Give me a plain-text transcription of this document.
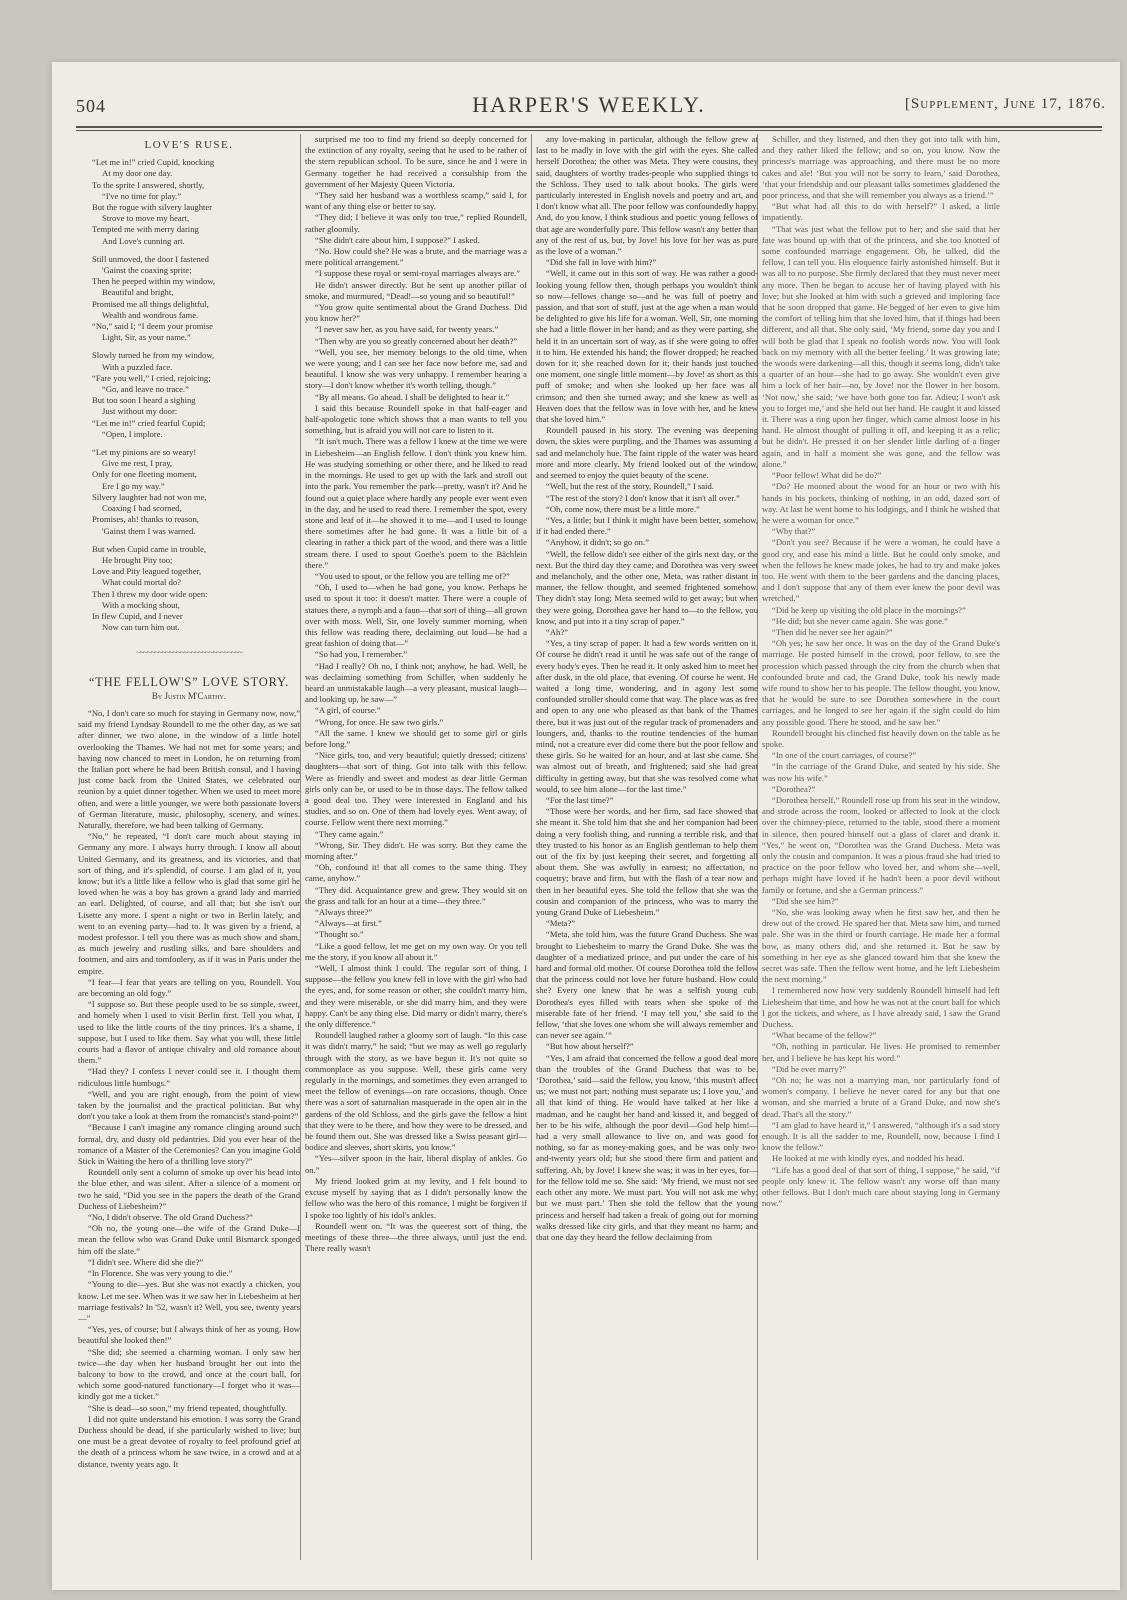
504	HARPER'S WEEKLY.	[Supplement, June 17, 1876.
LOVE'S RUSE.
“Let me in!” cried Cupid, knocking
At my door one day.
To the sprite I answered, shortly,
“I've no time for play.”
But the rogue with silvery laughter
Strove to move my heart,
Tempted me with merry daring
And Love's cunning art.
Still unmoved, the door I fastened
'Gainst the coaxing sprite;
Then he peeped within my window,
Beautiful and bright,
Promised me all things delightful,
Wealth and wondrous fame.
“No,” said I; “I deem your promise
Light, Sir, as your name.”
Slowly turned he from my window,
With a puzzled face.
“Fare you well,” I cried, rejoicing;
“Go, and leave no trace.”
But too soon I heard a sighing
Just without my door:
“Let me in!” cried fearful Cupid;
“Open, I implore.
“Let my pinions are so weary!
Give me rest, I pray,
Only for one fleeting moment,
Ere I go my way.”
Silvery laughter had not won me,
Coaxing I had scorned,
Promises, ah! thanks to reason,
'Gainst them I was warned.
But when Cupid came in trouble,
He brought Pity too;
Love and Pity leagued together,
What could mortal do?
Then I threw my door wide open:
With a mocking shout,
In flew Cupid, and I never
Now can turn him out.
~~~~~~~~~~~~~~~~~~~~~~~~~~~~~
“THE FELLOW'S” LOVE STORY.
By Justin M'Carthy.

“No, I don't care so much for staying in Germany now, now,” said my friend Lyndsay Roundell to me the other day, as we sat after dinner, we two alone, in the window of a little hotel overlooking the Thames. We had not met for some years; and having now chanced to meet in London, he on returning from the Italian port where he had been British consul, and I having just come back from the United States, we celebrated our reunion by a quiet dinner together. When we used to meet more often, and were a little younger, we were both passionate lovers of German literature, music, philosophy, scenery, and wines. Naturally, therefore, we had been talking of Germany.

“No,” he repeated, “I don't care much about staying in Germany any more. I always hurry through. I know all about United Germany, and its greatness, and its victories, and that sort of thing, and it's splendid, of course. I am glad of it, you know; but it's a little like a fellow who is glad that some girl he loved when he was a boy has grown a grand lady and married an earl. Delighted, of course, and all that; but she isn't our Lisette any more. I spent a night or two in Berlin lately, and went to an evening party—had to. It was given by a friend, a modest professor. I tell you there was as much show and sham, as much jewelry and rustling silks, and bare shoulders and footmen, and airs and tomfoolery, as if it was in Paris under the empire.

“I fear—I fear that years are telling on you, Roundell. You are becoming an old fogy.”

“I suppose so. But these people used to be so simple, sweet, and homely when I used to visit Berlin first. Tell you what, I used to like the little courts of the tiny princes. It's a shame, I suppose, but I used to like them. Say what you will, these little courts had a flavor of antique chivalry and old romance about them.”

“Had they? I confess I never could see it. I thought them ridiculous little humbugs.”

“Well, and you are right enough, from the point of view taken by the journalist and the practical politician. But why don't you take a look at them from the romancist's stand-point?”

“Because I can't imagine any romance clinging around such formal, dry, and dusty old pedantries. Did you ever hear of the romance of a Master of the Ceremonies? Can you imagine Gold Stick in Waiting the hero of a thrilling love story?”

Roundell only sent a column of smoke up over his head into the blue ether, and was silent. After a silence of a moment or two he said, “Did you see in the papers the death of the Grand Duchess of Liebesheim?”

“No, I didn't observe. The old Grand Duchess?”

“Oh no, the young one—the wife of the Grand Duke—I mean the fellow who was Grand Duke until Bismarck sponged him off the slate.”

“I didn't see. Where did she die?”

“In Florence. She was very young to die.”

“Young to die—yes. But she was not exactly a chicken, you know. Let me see. When was it we saw her in Liebesheim at her marriage festivals? In '52, wasn't it? Well, you see, twenty years—”

“Yes, yes, of course; but I always think of her as young. How beautiful she looked then!”

“She did; she seemed a charming woman. I only saw her twice—the day when her husband brought her out into the balcony to bow to the crowd, and once at the court ball, for which some good-natured functionary—I forget who it was—kindly got me a ticket.”

“She is dead—so soon,” my friend repeated, thoughtfully.

I did not quite understand his emotion. I was sorry the Grand Duchess should be dead, if she particularly wished to live; but one must be a great devotee of royalty to feel profound grief at the death of a princess whom he saw twice, in a crowd and at a distance, twenty years ago. It

surprised me too to find my friend so deeply concerned for the extinction of any royalty, seeing that he used to be rather of the stern republican school. To be sure, since he and I were in Germany together he had received a consulship from the government of her Majesty Queen Victoria.

“They said her husband was a worthless scamp,” said I, for want of any thing else or better to say.

“They did; I believe it was only too true,” replied Roundell, rather gloomily.

“She didn't care about him, I suppose?” I asked.

“No. How could she? He was a brute, and the marriage was a mere political arrangement.”

“I suppose these royal or semi-royal marriages always are.”

He didn't answer directly. But he sent up another pillar of smoke, and murmured, “Dead!—so young and so beautiful!”

“You grow quite sentimental about the Grand Duchess. Did you know her?”

“I never saw her, as you have said, for twenty years.”

“Then why are you so greatly concerned about her death?”

“Well, you see, her memory belongs to the old time, when we were young; and I can see her face now before me, sad and beautiful. I know she was very unhappy. I remember hearing a story—I don't know whether it's worth telling, though.”

“By all means. Go ahead. I shall be delighted to hear it.”

I said this because Roundell spoke in that half-eager and half-apologetic tone which shows that a man wants to tell you something, but is afraid you will not care to listen to it.

“It isn't much. There was a fellow I knew at the time we were in Liebesheim—an English fellow. I don't think you knew him. He was studying something or other there, and he liked to read in the mornings. He used to get up with the lark and stroll out into the park. You remember the park—pretty, wasn't it? And he found out a quiet place where hardly any people ever went even in the day, and he used to read there. I remember the spot, every stone and leaf of it—he showed it to me—and I used to lounge there sometimes after he had gone. It was a little bit of a clearing in rather a thick part of the wood, and there was a little stream there. I used to spout Goethe's poem to the Bächlein there.”

“You used to spout, or the fellow you are telling me of?”

“Oh, I used to—when he had gone, you know. Perhaps he used to spout it too: it doesn't matter. There were a couple of statues there, a nymph and a faun—that sort of thing—all grown over with moss. Well, Sir, one lovely summer morning, when this fellow was reading there, declaiming out loud—he had a great fashion of doing that—”

“So had you, I remember.”

“Had I really? Oh no, I think not; anyhow, he had. Well, he was declaiming something from Schiller, when suddenly he heard an unmistakable laugh—a very pleasant, musical laugh—and looking up, he saw—”

“A girl, of course.”

“Wrong, for once. He saw two girls.”

“All the same. I knew we should get to some girl or girls before long.”

“Nice girls, too, and very beautiful; quietly dressed; citizens' daughters—that sort of thing. Got into talk with this fellow. Were as friendly and sweet and modest as dear little German girls only can be, or used to be in those days. The fellow talked a good deal too. They were interested in England and his studies, and so on. One of them had lovely eyes. Went away, of course. Fellow went there next morning.”

“They came again.”

“Wrong, Sir. They didn't. He was sorry. But they came the morning after.”

“Oh, confound it! that all comes to the same thing. They came, anyhow.”

“They did. Acquaintance grew and grew. They would sit on the grass and talk for an hour at a time—they three.”

“Always three?”

“Always—at first.”

“Thought so.”

“Like a good fellow, let me get on my own way. Or you tell me the story, if you know all about it.”

“Well, I almost think I could. The regular sort of thing, I suppose—the fellow you knew fell in love with the girl who had the eyes, and, for some reason or other, she couldn't marry him, and they were miserable, or she did marry him, and they were happy. Can't be any thing else. Did marry or didn't marry, there's the only difference.”

Roundell laughed rather a gloomy sort of laugh. “In this case it was didn't marry,” he said; “but we may as well go regularly through with the story, as we have begun it. It's not quite so commonplace as you suppose. Well, these girls came very regularly in the mornings, and sometimes they even arranged to meet the fellow of evenings—on rare occasions, though. Once there was a sort of saturnalian masquerade in the open air in the gardens of the old Schloss, and the girls gave the fellow a hint that they were to be there, and how they were to be dressed, and he found them out. She was dressed like a Swiss peasant girl—bodice and sleeves, short skirts, you know.”

“Yes—silver spoon in the hair, liberal display of ankles. Go on.”

My friend looked grim at my levity, and I felt bound to excuse myself by saying that as I didn't personally know the fellow who was the hero of this romance, I might be forgiven if I spoke too lightly of his idol's ankles.

Roundell went on. “It was the queerest sort of thing, the meetings of these three—the three always, until just the end. There really wasn't

any love-making in particular, although the fellow grew at last to be madly in love with the girl with the eyes. She called herself Dorothea; the other was Meta. They were cousins, they said, daughters of worthy trades-people who supplied things to the Schloss. They used to talk about books. The girls were particularly interested in English novels and poetry and art, and I don't know what all. The poor fellow was confoundedly happy. And, do you know, I think studious and poetic young fellows of that age are wonderfully pure. This fellow wasn't any better than any of the rest of us, but, by Jove! his love for her was as pure as the love of a woman.”

“Did she fall in love with him?”

“Well, it came out in this sort of way. He was rather a good-looking young fellow then, though perhaps you wouldn't think so now—fellows change so—and he was full of poetry and passion, and that sort of stuff, just at the age when a man would be delighted to give his life for a woman. Well, Sir, one morning she had a little flower in her hand; and as they were parting, she held it in an uncertain sort of way, as if she were going to offer it to him. He extended his hand; the flower dropped; he reached down for it; she reached down for it; their hands just touched one moment, one single little moment—by Jove! as short as this puff of smoke; and when she looked up her face was all crimson; and then she turned away; and she knew as well as Heaven does that the fellow was in love with her, and he knew that she loved him.”

Roundell paused in his story. The evening was deepening down, the skies were purpling, and the Thames was assuming a sad and melancholy hue. The faint ripple of the water was heard more and more clearly. My friend looked out of the window, and seemed to enjoy the quiet beauty of the scene.

“Well, but the rest of the story, Roundell,” I said.

“The rest of the story? I don't know that it isn't all over.”

“Oh, come now, there must be a little more.”

“Yes, a little; but I think it might have been better, somehow, if it had ended there.”

“Anyhow, it didn't; so go on.”

“Well, the fellow didn't see either of the girls next day, or the next. But the third day they came; and Dorothea was very sweet and melancholy, and the other one, Meta, was rather distant in manner, the fellow thought, and seemed frightened somehow. They didn't stay long; Meta seemed wild to get away; but when they were going, Dorothea gave her hand to—to the fellow, you know, and put into it a tiny scrap of paper.”

“Ah?”

“Yes, a tiny scrap of paper. It had a few words written on it. Of course he didn't read it until he was safe out of the range of every body's eyes. Then he read it. It only asked him to meet her after dusk, in the old place, that evening. Of course he went. He waited a long time, wondering, and in agony lest some confounded stroller should come that way. The place was as free and open to any one who pleased as that bank of the Thames there, but it was just out of the regular track of promenaders and loungers, and, thanks to the routine tendencies of the human mind, not a creature ever did come there but the poor fellow and these girls. So he waited for an hour, and at last she came. She was almost out of breath, and frightened; said she had great difficulty in getting away, but that she was resolved come what would, to see him alone—for the last time.”

“For the last time?”

“Those were her words, and her firm, sad face showed that she meant it. She told him that she and her companion had been doing a very foolish thing, and running a terrible risk, and that they trusted to his honor as an English gentleman to help them out of the fix by just keeping their secret, and forgetting all about them. She was awfully in earnest; no affectation, no coquetry; brave and firm, but with the flash of a tear now and then in her beautiful eyes. She told the fellow that she was the cousin and companion of the princess, who was to marry the young Grand Duke of Liebesheim.”

“Meta?”

“Meta, she told him, was the future Grand Duchess. She was brought to Liebesheim to marry the Grand Duke. She was the daughter of a mediatized prince, and put under the care of his hard and formal old mother. Of course Dorothea told the fellow that the princess could not love her future husband. How could she? Every one knew that he was a selfish young cub. Dorothea's eyes filled with tears when she spoke of the miserable fate of her friend. ‘I may tell you,’ she said to the fellow, ‘that she loves one whom she will always remember and can never see again.’”

“But how about herself?”

“Yes, I am afraid that concerned the fellow a good deal more than the troubles of the Grand Duchess that was to be. ‘Dorothea,’ said—said the fellow, you know, ‘this mustn't affect us; we must not part; nothing must separate us; I love you,’ and all that kind of thing. He would have talked at her like a madman, and he caught her hand and kissed it, and begged of her to be his wife, although the poor devil—God help him!—had a very small allowance to live on, and was good for nothing, so far as money-making goes, and he was only two-and-twenty years old; but she stood there firm and patient and suffering. Ah, by Jove! I knew she was; it was in her eyes, for—for the fellow told me so. She said: ‘My friend, we must not see each other any more. We must part. You will not ask me why; but we must part.’ Then she told the fellow that the young princess and herself had taken a freak of going out for morning walks dressed like city girls, and that they meant no harm; and that one day they heard the fellow declaiming from

Schiller, and they listened, and then they got into talk with him, and they rather liked the fellow; and so on, you know. Now the princess's marriage was approaching, and there must be no more cakes and ale! ‘But you will not be sorry to learn,’ said Dorothea, ‘that your friendship and our pleasant talks sometimes gladdened the poor princess, and that she will remember you always as a friend.’”

“But what had all this to do with herself?” I asked, a little impatiently.

“That was just what the fellow put to her; and she said that her fate was bound up with that of the princess, and she too knotted of some confounded marriage engagement. Oh, he talked, did the fellow, I can tell you. His eloquence fairly astonished himself. But it was all to no purpose. She firmly declared that they must never meet any more. Then he began to accuse her of having played with his love; but she looked at him with such a grieved and imploring face that he soon dropped that game. He begged of her even to give him the comfort of telling him that she loved him, that if things had been different, and all that. She only said, ‘My friend, some day you and I will both be glad that I speak no foolish words now. You will look back on my memory with all the better feeling.’ It was growing late; the woods were darkening—all this, though it seems long, didn't take a quarter of an hour—she had to go away. She wouldn't even give him a lock of her hair—no, by Jove! nor the flower in her bosom. ‘Not now,’ she said; ‘we have both gone too far. Adieu; I won't ask you to forget me,’ and she held out her hand. He caught it and kissed it. There was a ring upon her finger, which came almost loose in his hand. He almost thought of pulling it off, and keeping it as a relic; but he didn't. He pressed it on her slender little darling of a finger again, and in half a moment she was gone, and the fellow was alone.”

“Poor fellow! What did he do?”

“Do? He mooned about the wood for an hour or two with his hands in his pockets, thinking of nothing, in an odd, dazed sort of way. At last he went home to his lodgings, and I think he wished that he were a woman for once.”

“Why that?”

“Don't you see? Because if he were a woman, he could have a good cry, and ease his mind a little. But he could only smoke, and when the fellows he knew made jokes, he had to try and make jokes too. He went with them to the beer gardens and the dancing places, and I don't suppose that any of them ever knew the poor devil was wretched.”

“Did he keep up visiting the old place in the mornings?”

“He did; but she never came again. She was gone.”

“Then did he never see her again?”

“Oh yes; he saw her once. It was on the day of the Grand Duke's marriage. He posted himself in the crowd, poor fellow, to see the procession which passed through the city from the church when that confounded brute and cad, the Grand Duke, took his newly made wife round to show her to his people. The fellow thought, you know, that he would be sure to see Dorothea somewhere in the court carriages, and he longed to see her again if the sight could do him any possible good. There he stood, and he saw her.”

Roundell brought his clinched fist heavily down on the table as he spoke.

“In one of the court carriages, of course?”

“In the carriage of the Grand Duke, and seated by his side. She was now his wife.”

“Dorothea?”

“Dorothea herself.” Roundell rose up from his seat in the window, and strode across the room, looked or affected to look at the clock over the chimney-piece, returned to the table, stood there a moment in silence, then poured himself out a glass of claret and drank it. “Yes,” he went on, “Dorothea was the Grand Duchess. Meta was only the cousin and companion. It was a pious fraud she had tried to practice on the poor fellow who loved her, and whom she—well, perhaps might have loved if he hadn't been a poor devil without family or fortune, and she a German princess.”

“Did she see him?”

“No, she was looking away when he first saw her, and then he drew out of the crowd. He spared her that. Meta saw him, and turned pale. She was in the third or fourth carriage. He made her a formal bow, as many others did, and she returned it. But he saw by something in her eye as she glanced toward him that she knew the secret was safe. Then the fellow went home, and he left Liebesheim the next morning.”

I remembered now how very suddenly Roundell himself had left Liebesheim that time, and how he was not at the court ball for which I got the tickets, and where, as I have already said, I saw the Grand Duchess.

“What became of the fellow?”

“Oh, nothing in particular. He lives. He promised to remember her, and I believe he has kept his word.”

“Did he ever marry?”

“Oh no; he was not a marrying man, nor particularly fond of women's company. I believe he never cared for any but that one woman, and she married a brute of a Grand Duke, and now she's dead. That's all the story.”

“I am glad to have heard it,” I answered, “although it's a sad story enough. It is all the sadder to me, Roundell, now, because I find I know the fellow.”

He looked at me with kindly eyes, and nodded his head.

“Life has a good deal of that sort of thing, I suppose,” he said, “if people only knew it. The fellow wasn't any worse off than many other fellows. But I don't much care about staying long in Germany now.”
